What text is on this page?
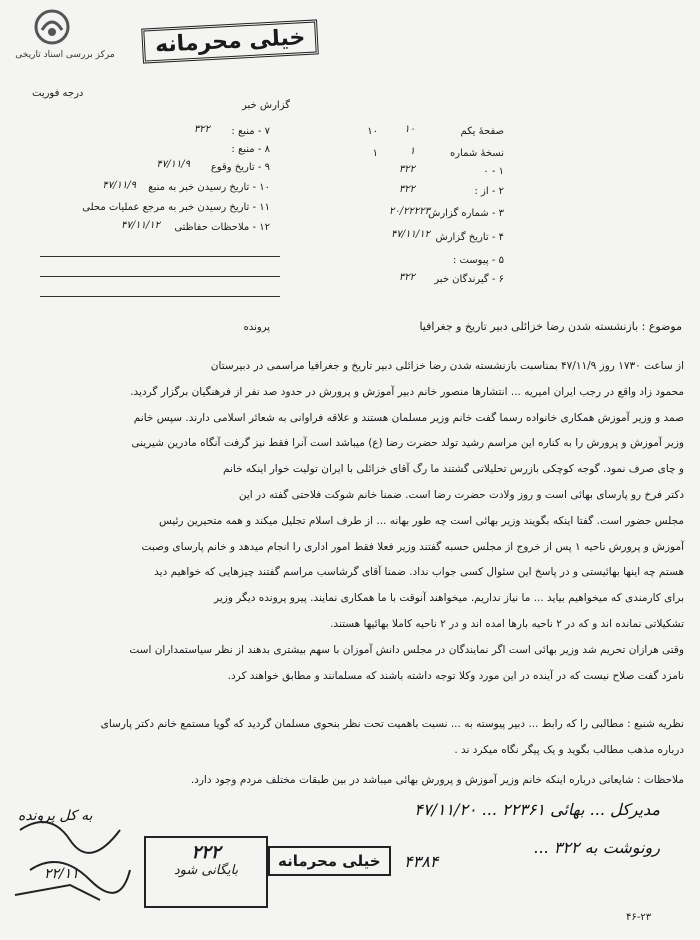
مرکز بررسی اسناد تاریخی	خیلی محرمانه
گزارش خبر
درجه فوریت
صفحهٔ یکم
۱۰
۱۰
نسخهٔ شماره
۱
۱
۱ - ۰
۳۲۲
۲ - از :
۳۲۲
۳ - شماره گزارش
۲۰/۲۲۲۲۳
۴ - تاریخ گزارش
۴۷/۱۱/۱۲
۵ - پیوست :
۶ - گیرندگان خبر
۳۲۲
۷ - منبع :
۳۲۲
۸ - منبع :
۹ - تاریخ وقوع
۴۷/۱۱/۹
۱۰ - تاریخ رسیدن خبر به منبع
۴۷/۱۱/۹
۱۱ - تاریخ رسیدن خبر به مرجع عملیات محلی
۱۲ - ملاحظات حفاظتی
۴۷/۱۱/۱۲
موضوع : بازنشسته شدن رضا خزائلی دبیر تاریخ و جغرافیا
پرونده

از ساعت ۱۷۳۰ روز ۴۷/۱۱/۹ بمناسبت بازنشسته شدن رضا خزائلی دبیر تاریخ و جغرافیا مراسمی در دبیرستان

محمود زاد واقع در رجب ایران امیریه ... انتشارها منصور خانم دبیر آموزش و پرورش در حدود صد نفر از فرهنگیان برگزار گردید.

صمد و وزیر آموزش همکاری خانواده رسما گفت خانم وزیر مسلمان هستند و علاقه فراوانی به شعائر اسلامی دارند. سپس خانم

وزیر آموزش و پرورش را به کناره این مراسم رشید تولد حضرت رضا (ع) میباشد است آنرا فقط نیز گرفت آنگاه مادرین شیرینی

و چای صرف نمود. گوجه کوچکی بازرس تحلیلاتی گشتند ما رگ آقای خزائلی با ایران تولیت خوار اینکه خانم

دکتر فرخ رو پارسای بهائی است و روز ولادت حضرت رضا است. ضمنا خانم شوکت فلاحتی گفته در این

مجلس حضور است. گفتا اینکه بگویند وزیر بهائی است چه طور بهانه ... از طرف اسلام تجلیل میکند و همه متحیرین رئیس

آموزش و پرورش ناحیه ۱ پس از خروج از مجلس حسبه گفتند وزیر فعلا فقط امور اداری را انجام میدهد و خانم پارسای وصبت

هستم چه اینها بهائیستی و در پاسخ این سئوال کسی جواب نداد. ضمنا آقای گرشاسب مراسم گفتند چیزهایی که خواهیم دید

برای کارمندی که میخواهیم بیاید ... ما نیاز نداریم. میخواهند آنوقت با ما همکاری نمایند. پیرو پرونده دیگر وزیر

تشکیلاتی نمانده اند و که در ۲ ناحیه بارها امده اند و در ۲ ناحیه کاملا بهائیها هستند.

وقتی هرازان تحریم شد وزیر بهائی است اگر نمایندگان در مجلس دانش آموزان با سهم بیشتری بدهند از نظر سیاستمداران است

نامزد گفت صلاح نیست که در آینده در این مورد وکلا توجه داشته باشند که مسلمانند و مطابق خواهند کرد.

نظریه شنبع : مطالبی را که رابط ... دبیر پیوسته به ... نسبت باهمیت تحت نظر بنحوی مسلمان گردید که گویا مستمع خانم دکتر پارسای

درباره مذهب مطالب بگوید و یک پیگر نگاه میکرد ند .

ملاحظات : شایعاتی درباره اینکه خانم وزیر آموزش و پرورش بهائی میباشد در بین طبقات مختلف مردم وجود دارد.

مدیرکل ... بهائی ۲۲۳۶۱ ... ۴۷/۱۱/۲۰
رونوشت به ۳۲۲ ...
۲۲۲
بایگانی شود
خیلی محرمانه	۴۳۸۴
به کل پرونده
۲۲/۱۱
۴۶-۲۳
